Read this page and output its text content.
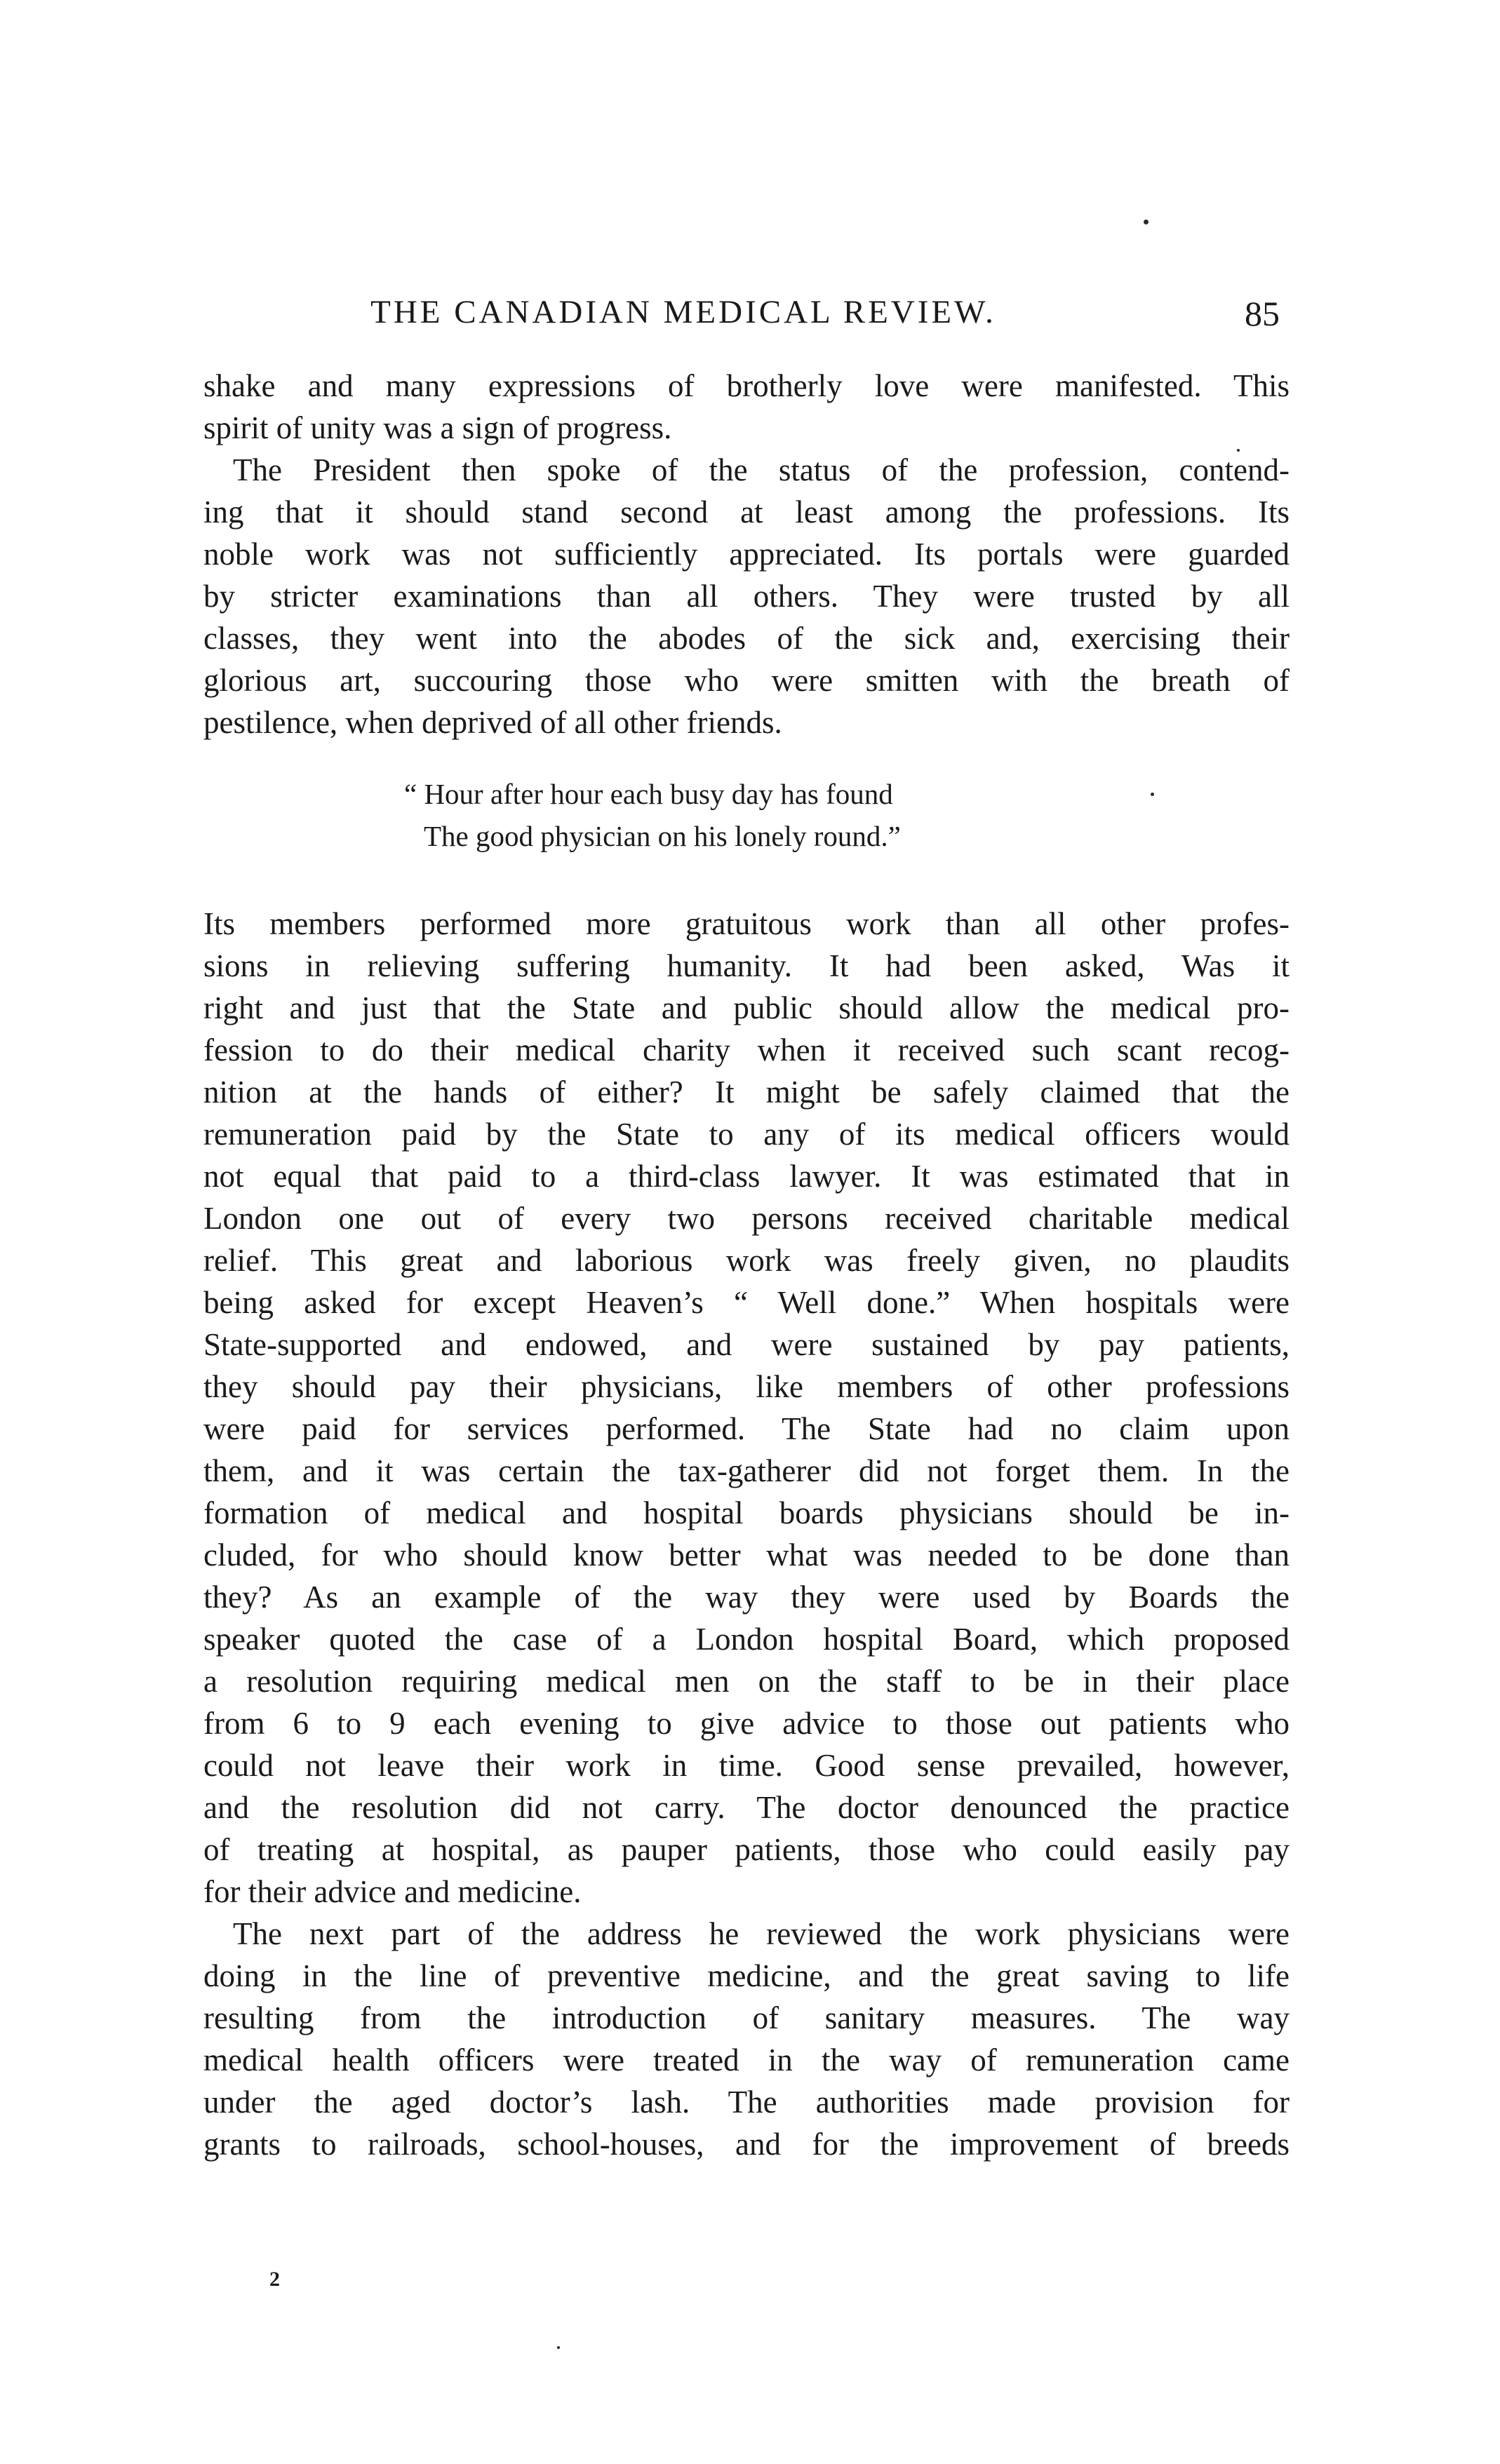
THE CANADIAN MEDICAL REVIEW.	85
shake and many expressions of brotherly love were manifested. This
spirit of unity was a sign of progress.
The President then spoke of the status of the profession, contend-
ing that it should stand second at least among the professions. Its
noble work was not sufficiently appreciated. Its portals were guarded
by stricter examinations than all others. They were trusted by all
classes, they went into the abodes of the sick and, exercising their
glorious art, succouring those who were smitten with the breath of
pestilence, when deprived of all other friends.
“ Hour after hour each busy day has found
The good physician on his lonely round.”
Its members performed more gratuitous work than all other profes-
sions in relieving suffering humanity. It had been asked, Was it
right and just that the State and public should allow the medical pro-
fession to do their medical charity when it received such scant recog-
nition at the hands of either? It might be safely claimed that the
remuneration paid by the State to any of its medical officers would
not equal that paid to a third-class lawyer. It was estimated that in
London one out of every two persons received charitable medical
relief. This great and laborious work was freely given, no plaudits
being asked for except Heaven’s “ Well done.” When hospitals were
State-supported and endowed, and were sustained by pay patients,
they should pay their physicians, like members of other professions
were paid for services performed. The State had no claim upon
them, and it was certain the tax-gatherer did not forget them. In the
formation of medical and hospital boards physicians should be in-
cluded, for who should know better what was needed to be done than
they? As an example of the way they were used by Boards the
speaker quoted the case of a London hospital Board, which proposed
a resolution requiring medical men on the staff to be in their place
from 6 to 9 each evening to give advice to those out patients who
could not leave their work in time. Good sense prevailed, however,
and the resolution did not carry. The doctor denounced the practice
of treating at hospital, as pauper patients, those who could easily pay
for their advice and medicine.
The next part of the address he reviewed the work physicians were
doing in the line of preventive medicine, and the great saving to life
resulting from the introduction of sanitary measures. The way
medical health officers were treated in the way of remuneration came
under the aged doctor’s lash. The authorities made provision for
grants to railroads, school-houses, and for the improvement of breeds
2
